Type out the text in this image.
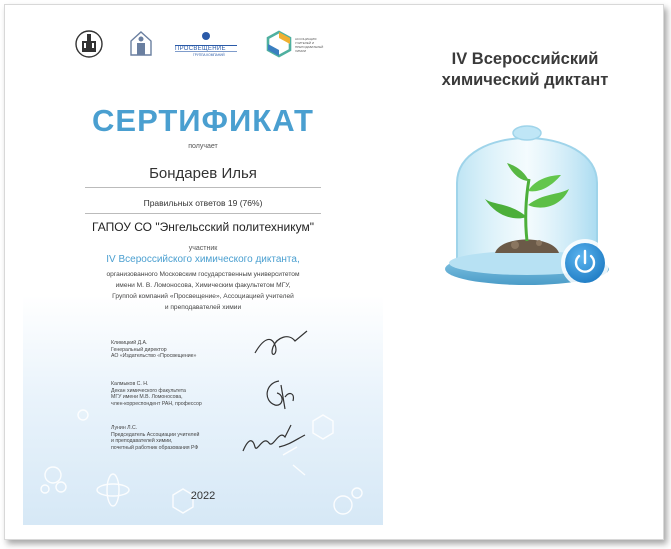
ПРОСВЕЩЕНИЕ
ГРУППА КОМПАНИЙ
АССОЦИАЦИЯ УЧИТЕЛЕЙ И ПРЕПОДАВАТЕЛЕЙ ХИМИИ
СЕРТИФИКАТ
получает
Бондарев Илья
Правильных ответов 19 (76%)
ГАПОУ СО "Энгельсский политехникум"
участник
IV Всероссийского химического диктанта,
организованного Московским государственным университетом
имени М. В. Ломоносова, Химическим факультетом МГУ,
Группой компаний «Просвещение», Ассоциацией учителей
и преподавателей химии
Кликицкий Д.А.
Генеральный директор
АО «Издательство «Просвещение»
Калмыков С. Н.
Декан химического факультета
МГУ имени М.В. Ломоносова,
член-корреспондент РАН, профессор
Лунин Л.С.
Председатель Ассоциации учителей
и преподавателей химии,
почетный работник образования РФ
2022
IV Всероссийский
химический диктант
